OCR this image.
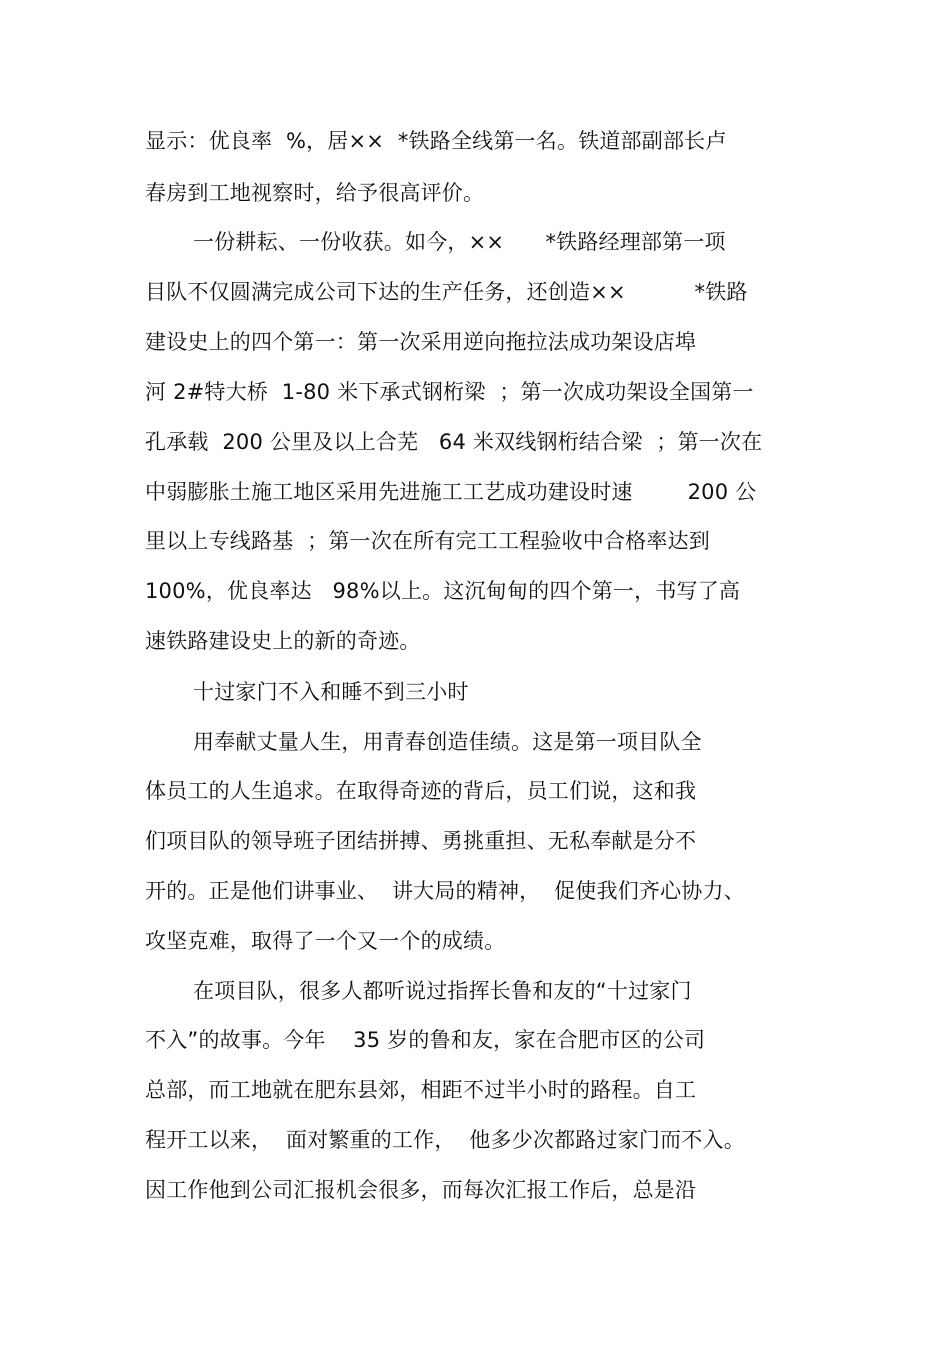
显示：优良率  %，居××  *铁路全线第一名。铁道部副部长卢
春房到工地视察时，给予很高评价。
一份耕耘、一份收获。如今，××      *铁路经理部第一项
目队不仅圆满完成公司下达的生产任务，还创造××          *铁路
建设史上的四个第一：第一次采用逆向拖拉法成功架设店埠
河 2#特大桥  1-80 米下承式钢桁梁  ；第一次成功架设全国第一
孔承载  200 公里及以上合芜   64 米双线钢桁结合梁  ；第一次在
中弱膨胀土施工地区采用先进施工工艺成功建设时速        200 公
里以上专线路基  ；第一次在所有完工工程验收中合格率达到
100%，优良率达   98%以上。这沉甸甸的四个第一，书写了高
速铁路建设史上的新的奇迹。
十过家门不入和睡不到三小时
用奉献丈量人生，用青春创造佳绩。这是第一项目队全
体员工的人生追求。在取得奇迹的背后，员工们说，这和我
们项目队的领导班子团结拼搏、勇挑重担、无私奉献是分不
开的。正是他们讲事业、  讲大局的精神，  促使我们齐心协力、
攻坚克难，取得了一个又一个的成绩。
在项目队，很多人都听说过指挥长鲁和友的“十过家门
不入”的故事。今年    35 岁的鲁和友，家在合肥市区的公司
总部，而工地就在肥东县郊，相距不过半小时的路程。自工
程开工以来，  面对繁重的工作，  他多少次都路过家门而不入。
因工作他到公司汇报机会很多，而每次汇报工作后，总是沿
